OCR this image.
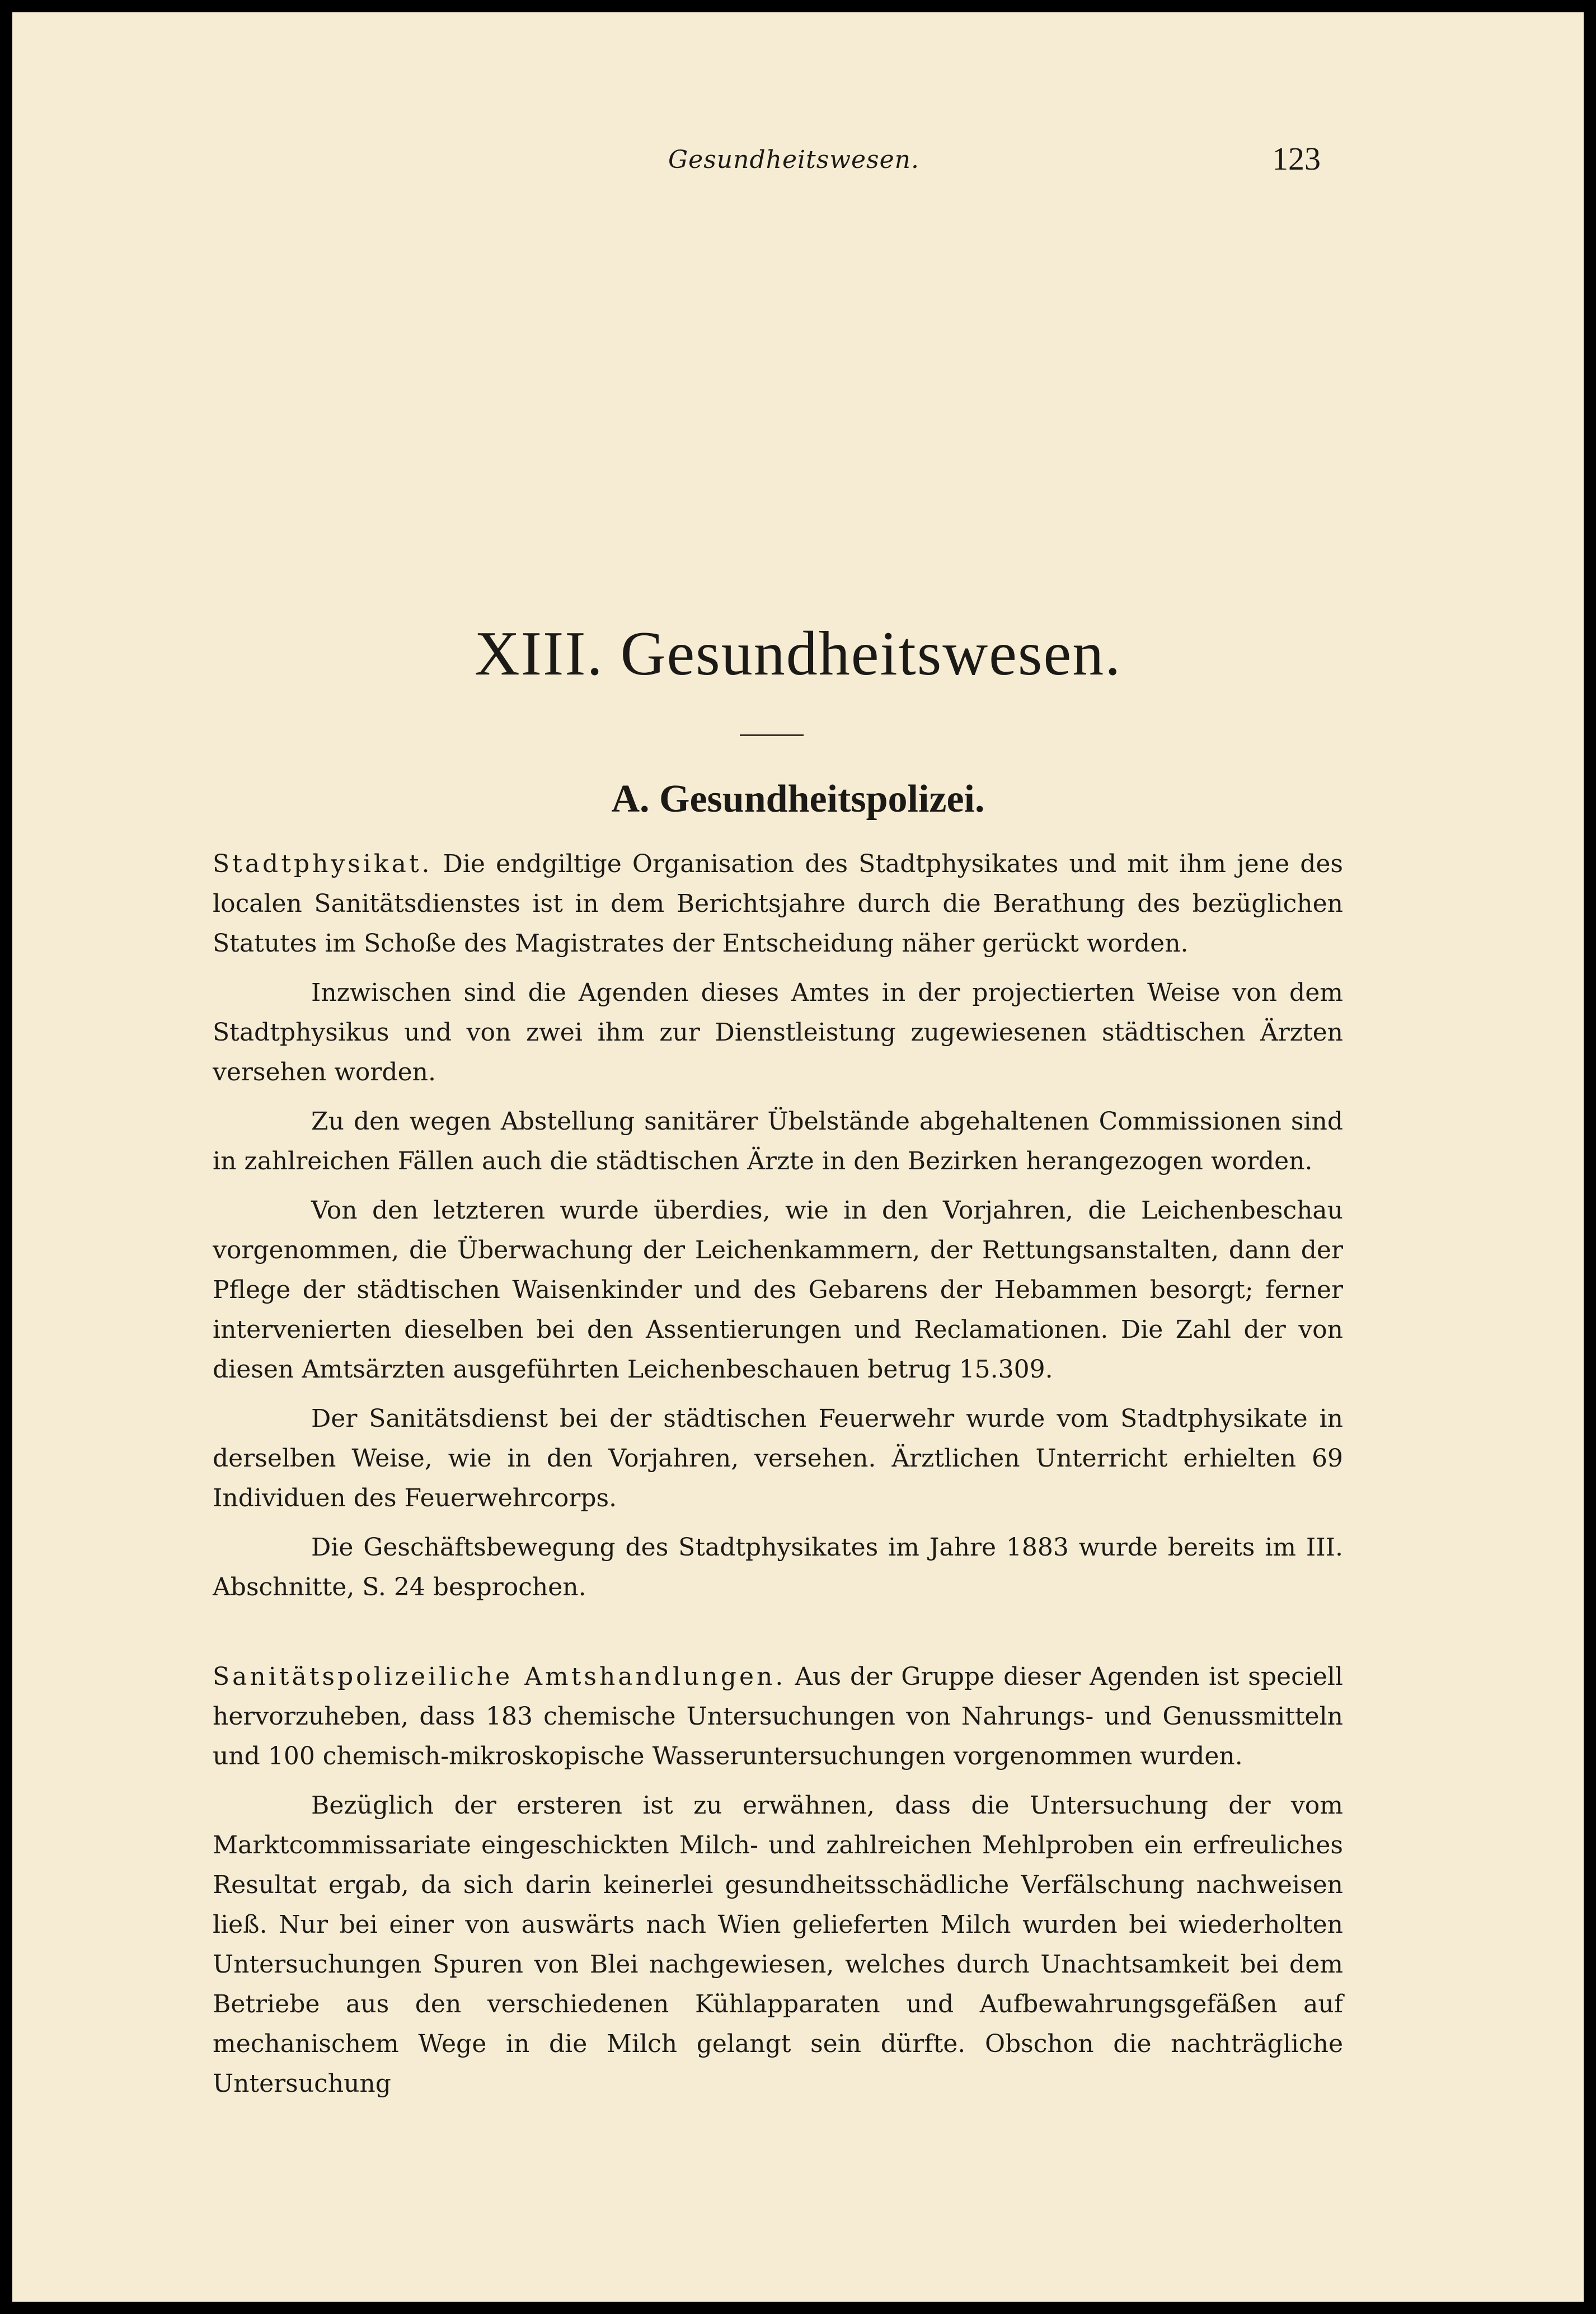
Gesundheitswesen.	123
XIII. Gesundheitswesen.
A. Gesundheitspolizei.

Stadtphysikat. Die endgiltige Organisation des Stadtphysikates und mit ihm jene des localen Sanitätsdienstes ist in dem Berichtsjahre durch die Berathung des bezüglichen Statutes im Schoße des Magistrates der Entscheidung näher gerückt worden.

Inzwischen sind die Agenden dieses Amtes in der projectierten Weise von dem Stadtphysikus und von zwei ihm zur Dienstleistung zugewiesenen städtischen Ärzten versehen worden.

Zu den wegen Abstellung sanitärer Übelstände abgehaltenen Commissionen sind in zahlreichen Fällen auch die städtischen Ärzte in den Bezirken herangezogen worden.

Von den letzteren wurde überdies, wie in den Vorjahren, die Leichenbeschau vorgenommen, die Überwachung der Leichenkammern, der Rettungsanstalten, dann der Pflege der städtischen Waisenkinder und des Gebarens der Hebammen besorgt; ferner intervenierten dieselben bei den Assentierungen und Reclamationen. Die Zahl der von diesen Amtsärzten ausgeführten Leichenbeschauen betrug 15.309.

Der Sanitätsdienst bei der städtischen Feuerwehr wurde vom Stadtphysikate in derselben Weise, wie in den Vorjahren, versehen. Ärztlichen Unterricht erhielten 69 Individuen des Feuerwehrcorps.

Die Geschäftsbewegung des Stadtphysikates im Jahre 1883 wurde bereits im III. Abschnitte, S. 24 besprochen.

Sanitätspolizeiliche Amtshandlungen. Aus der Gruppe dieser Agenden ist speciell hervorzuheben, dass 183 chemische Untersuchungen von Nahrungs- und Genussmitteln und 100 chemisch-mikroskopische Wasseruntersuchungen vorgenommen wurden.

Bezüglich der ersteren ist zu erwähnen, dass die Untersuchung der vom Marktcommissariate eingeschickten Milch- und zahlreichen Mehlproben ein erfreuliches Resultat ergab, da sich darin keinerlei gesundheitsschädliche Verfälschung nachweisen ließ. Nur bei einer von auswärts nach Wien gelieferten Milch wurden bei wiederholten Untersuchungen Spuren von Blei nachgewiesen, welches durch Unachtsamkeit bei dem Betriebe aus den verschiedenen Kühlapparaten und Aufbewahrungsgefäßen auf mechanischem Wege in die Milch gelangt sein dürfte. Obschon die nachträgliche Untersuchung
